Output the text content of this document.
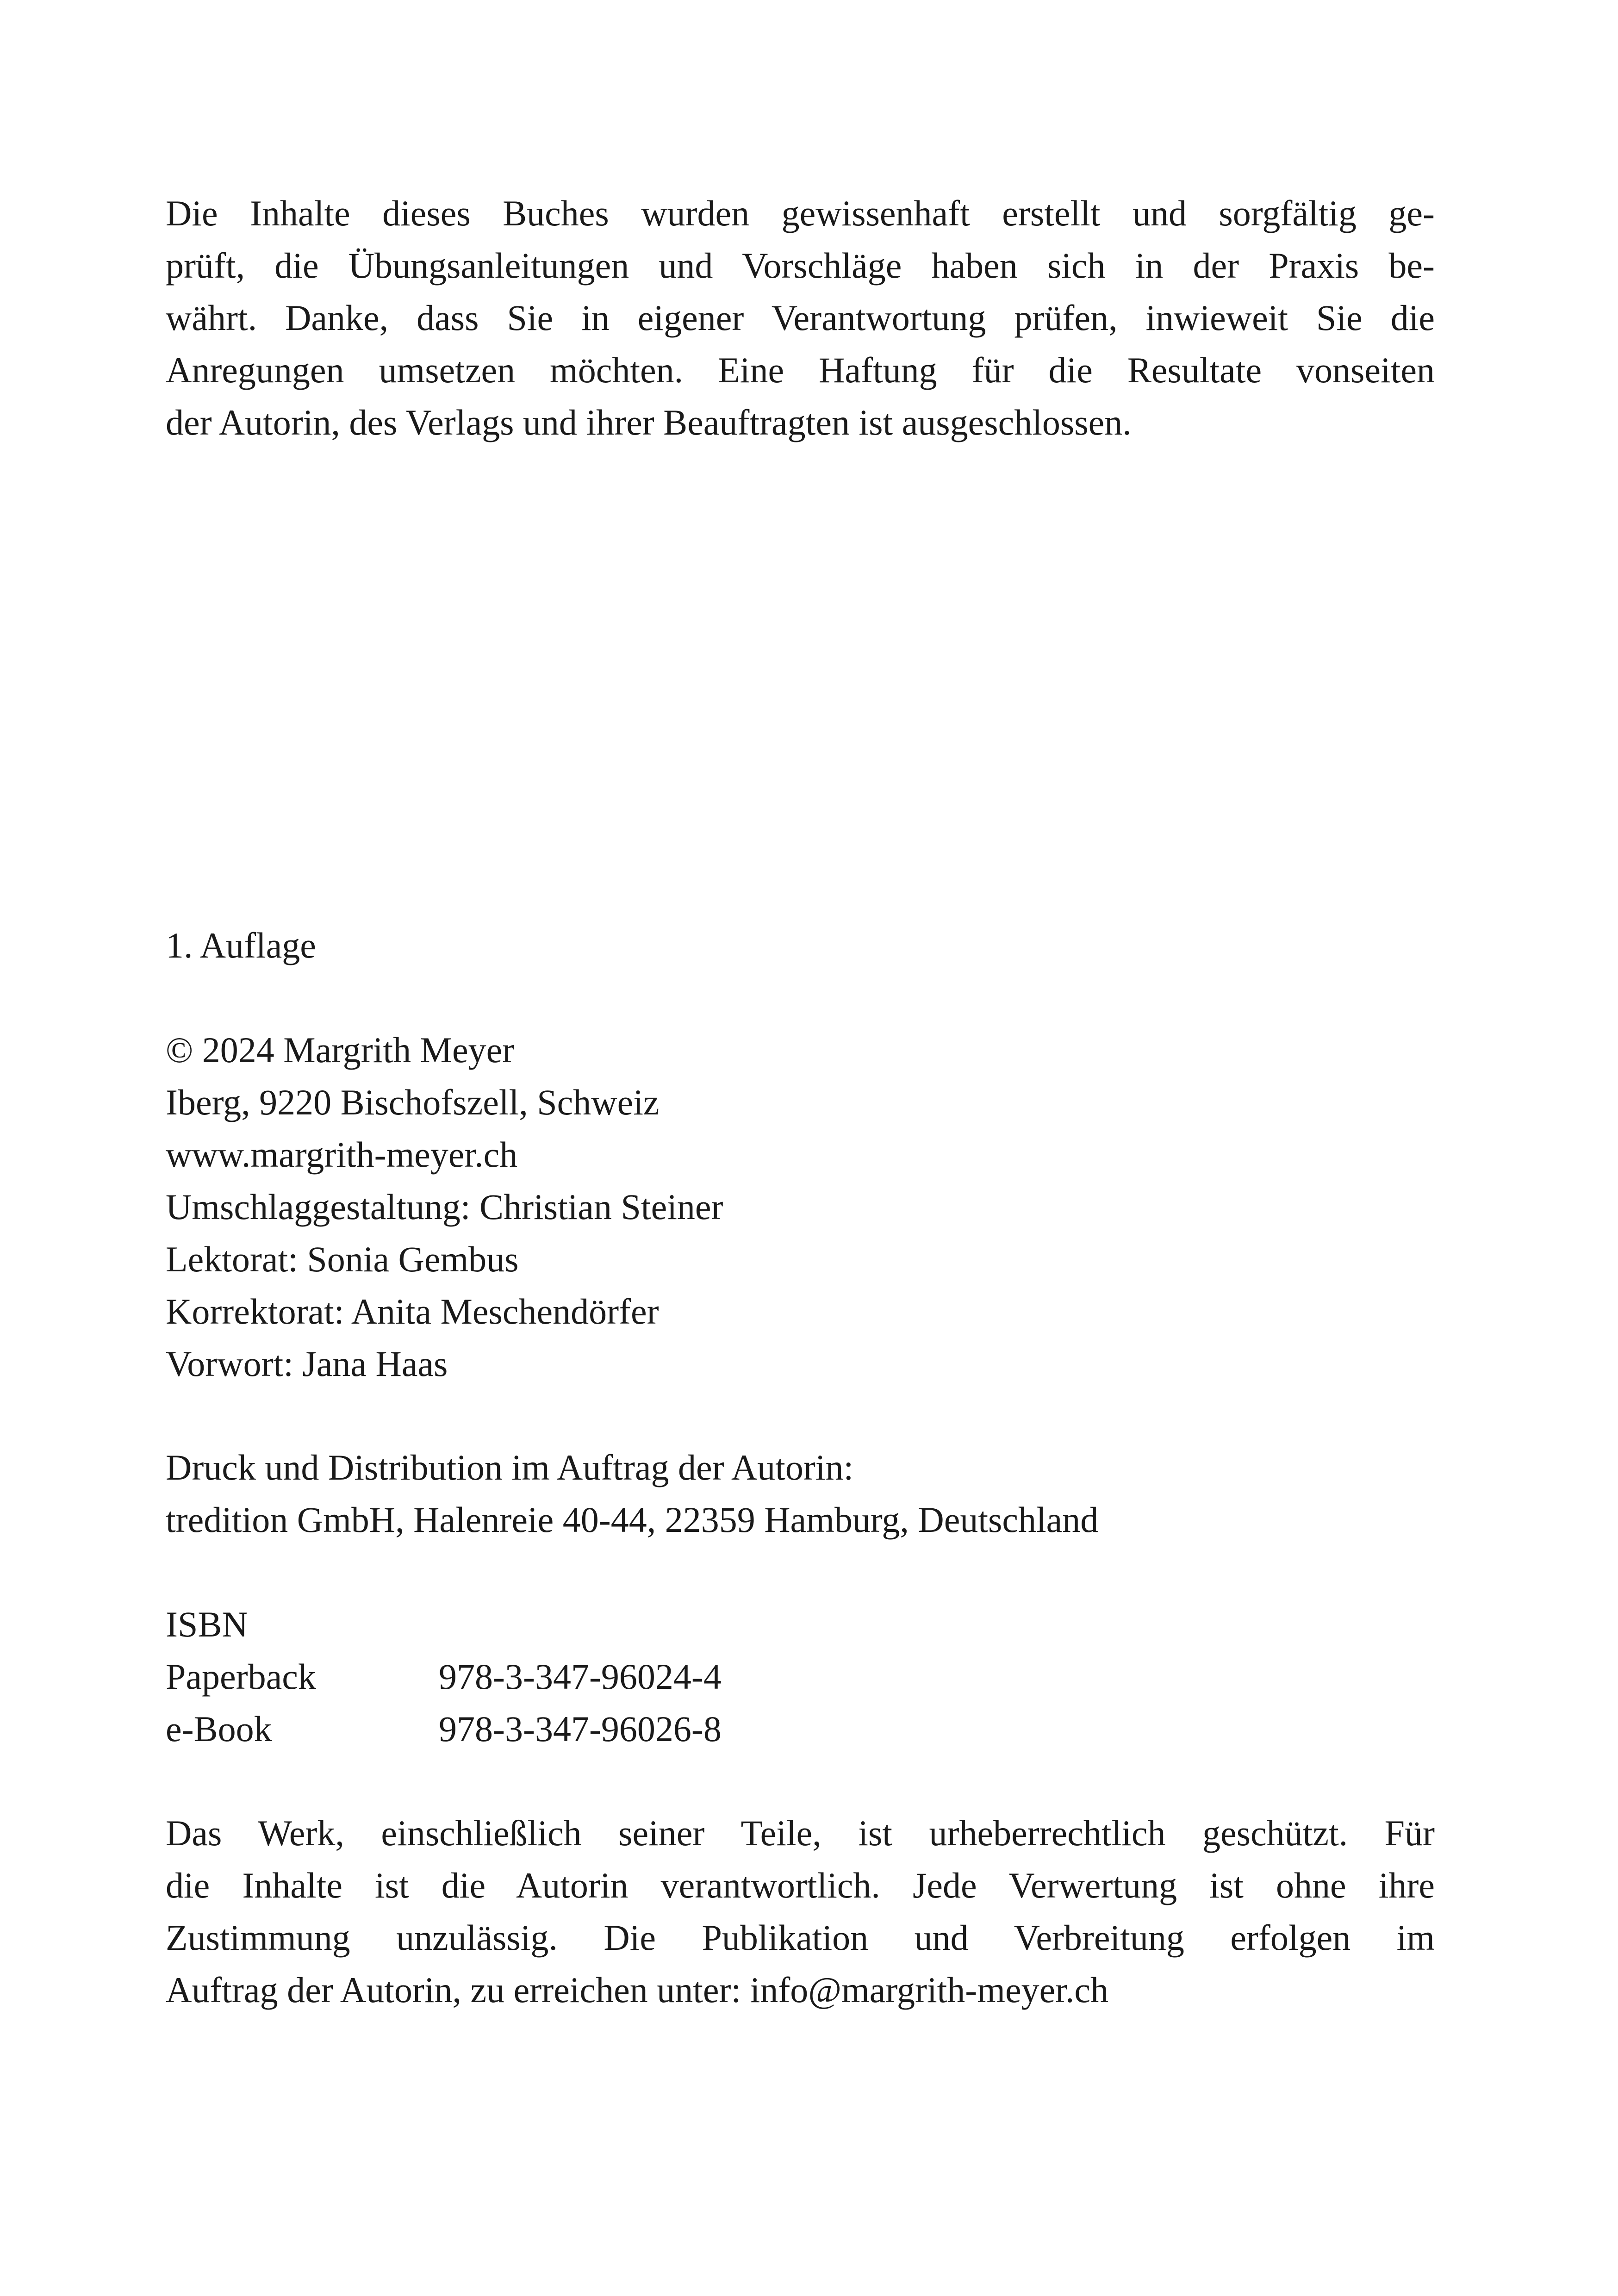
Die Inhalte dieses Buches wurden gewissenhaft erstellt und sorgfältig ge-
prüft, die Übungsanleitungen und Vorschläge haben sich in der Praxis be-
währt. Danke, dass Sie in eigener Verantwortung prüfen, inwieweit Sie die
Anregungen umsetzen möchten. Eine Haftung für die Resultate vonseiten
der Autorin, des Verlags und ihrer Beauftragten ist ausgeschlossen.
1. Auflage
© 2024 Margrith Meyer
Iberg, 9220 Bischofszell, Schweiz
www.margrith-meyer.ch
Umschlaggestaltung: Christian Steiner
Lektorat: Sonia Gembus
Korrektorat: Anita Meschendörfer
Vorwort: Jana Haas
Druck und Distribution im Auftrag der Autorin:
tredition GmbH, Halenreie 40-44, 22359 Hamburg, Deutschland
ISBN
Paperback	978-3-347-96024-4
e-Book	978-3-347-96026-8
Das Werk, einschließlich seiner Teile, ist urheberrechtlich geschützt. Für
die Inhalte ist die Autorin verantwortlich. Jede Verwertung ist ohne ihre
Zustimmung unzulässig. Die Publikation und Verbreitung erfolgen im
Auftrag der Autorin, zu erreichen unter: info@margrith-meyer.ch
